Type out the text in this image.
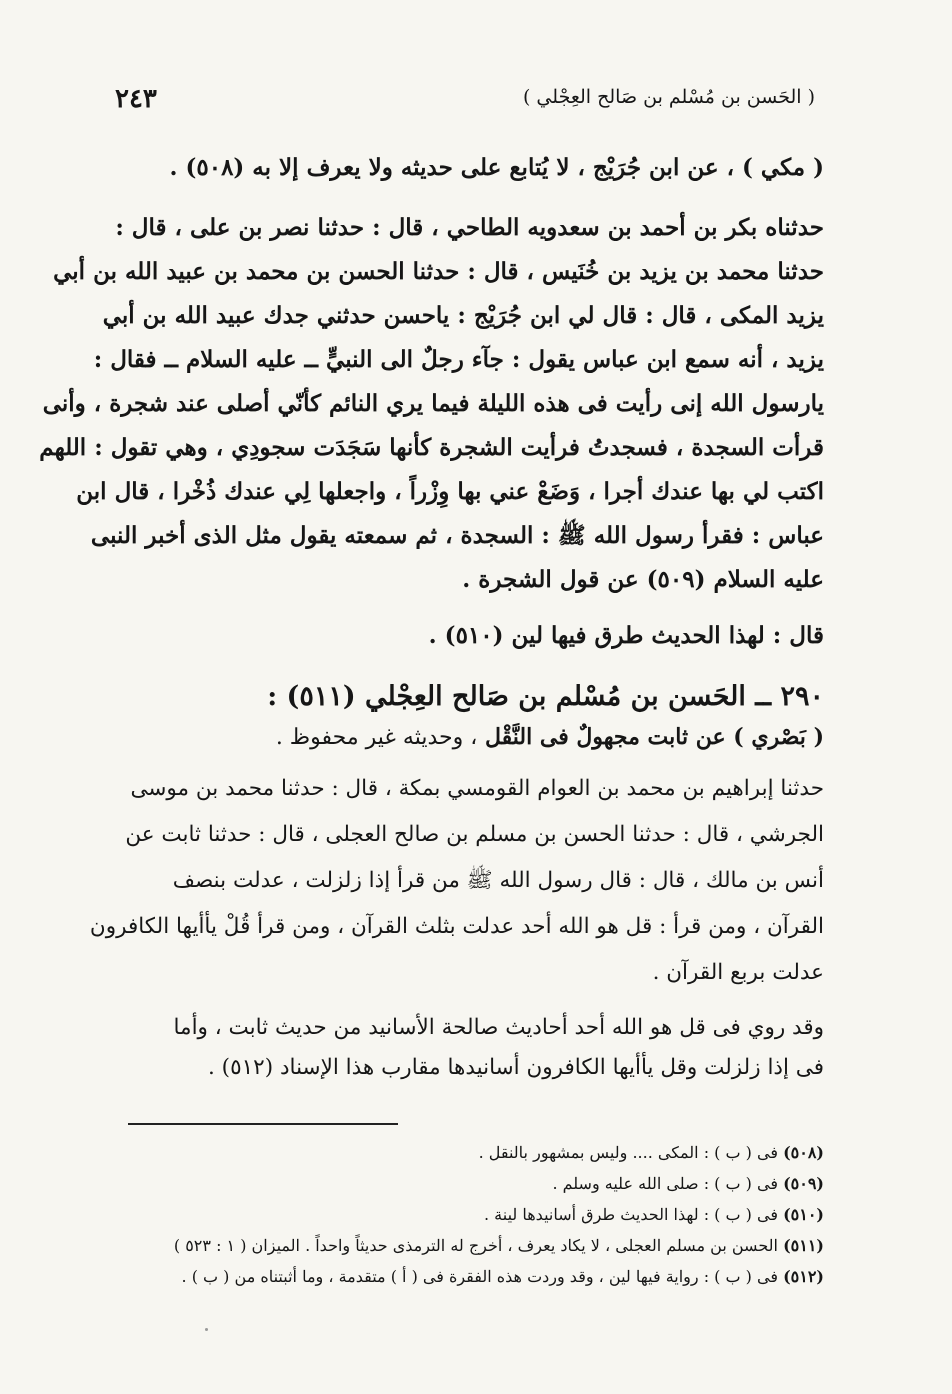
( الحَسن بن مُسْلم بن صَالح العِجْلي )
٢٤٣

( مكي ) ، عن ابن جُرَيْج ، لا يُتابع على حديثه ولا يعرف إلا به (٥٠٨) .

حدثناه بكر بن أحمد بن سعدويه الطاحي ، قال : حدثنا نصر بن على ، قال :

حدثنا محمد بن يزيد بن خُنَيس ، قال : حدثنا الحسن بن محمد بن عبيد الله بن أبي

يزيد المكى ، قال : قال لي ابن جُرَيْج : ياحسن حدثني جدك عبيد الله بن أبي

يزيد ، أنه سمع ابن عباس يقول : جآء رجلٌ الى النبيٍّ ــ عليه السلام ــ فقال :

يارسول الله إنى رأيت فى هذه الليلة فيما يري النائم كأنّي أصلى عند شجرة ، وأنى

قرأت السجدة ، فسجدتُ فرأيت الشجرة كأنها سَجَدَت سجودِي ، وهي تقول : اللهم

اكتب لي بها عندك أجرا ، وَضَعْ عني بها وِزْراً ، واجعلها لِي عندك ذُخْرا ، قال ابن

عباس : فقرأ رسول الله ﷺ : السجدة ، ثم سمعته يقول مثل الذى أخبر النبى

عليه السلام (٥٠٩) عن قول الشجرة .

قال : لهذا الحديث طرق فيها لين (٥١٠) .

٢٩٠ ــ الحَسن بن مُسْلم بن صَالح العِجْلي (٥١١) :
( بَصْري ) عن ثابت مجهولٌ فى النَّقْل ، وحديثه غير محفوظ .

حدثنا إبراهيم بن محمد بن العوام القومسي بمكة ، قال : حدثنا محمد بن موسى

الجرشي ، قال : حدثنا الحسن بن مسلم بن صالح العجلى ، قال : حدثنا ثابت عن

أنس بن مالك ، قال : قال رسول الله ﷺ من قرأ إذا زلزلت ، عدلت بنصف

القرآن ، ومن قرأ : قل هو الله أحد عدلت بثلث القرآن ، ومن قرأ قُلْ يأأيها الكافرون

عدلت بربع القرآن .

وقد روي فى قل هو الله أحد أحاديث صالحة الأسانيد من حديث ثابت ، وأما

فى إذا زلزلت وقل يأأيها الكافرون أسانيدها مقارب هذا الإسناد (٥١٢) .

(٥٠٨) فى ( ب ) : المكى .... وليس بمشهور بالنقل .
(٥٠٩) فى ( ب ) : صلى الله عليه وسلم .
(٥١٠) فى ( ب ) : لهذا الحديث طرق أسانيدها لينة .
(٥١١) الحسن بن مسلم العجلى ، لا يكاد يعرف ، أخرج له الترمذى حديثاً واحداً . الميزان ( ١ : ٥٢٣ )
(٥١٢) فى ( ب ) : رواية فيها لين ، وقد وردت هذه الفقرة فى ( أ ) متقدمة ، وما أثبتناه من ( ب ) .
